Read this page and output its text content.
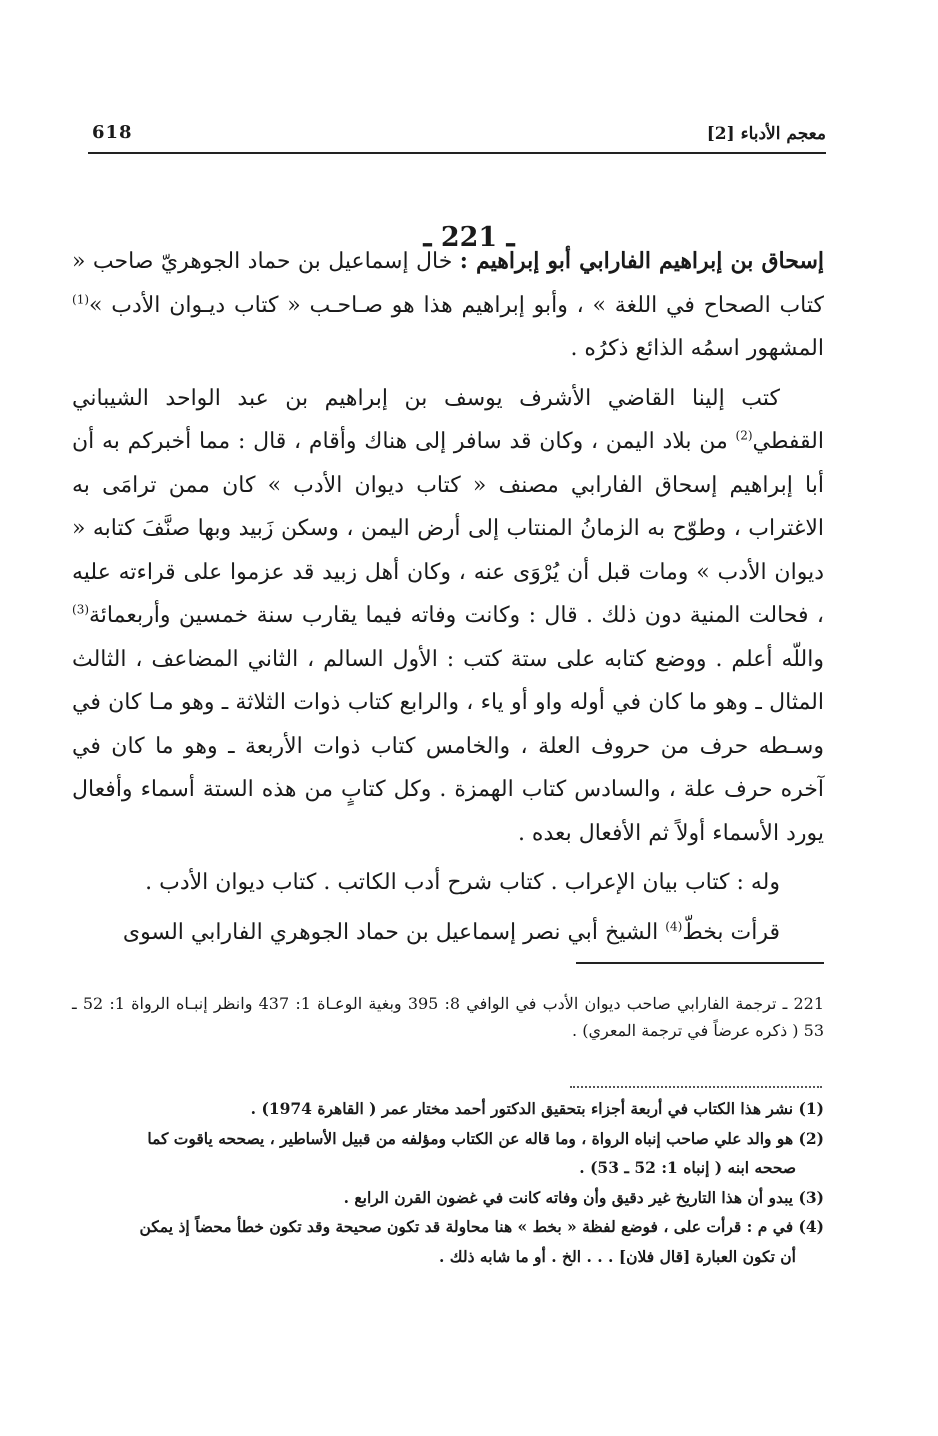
معجم الأدباء [2]
618
ـ 221 ـ

إسحاق بن إبراهيم الفارابي أبو إبراهيم : خال إسماعيل بن حماد الجوهريّ صاحب « كتاب الصحاح في اللغة » ، وأبو إبراهيم هذا هو صـاحـب « كتاب ديـوان الأدب »$^{(1)}$ المشهور اسمُه الذائع ذكرُه .

كتب إلينا القاضي الأشرف يوسف بن إبراهيم بن عبد الواحد الشيباني القفطي$^{(2)}$ من بلاد اليمن ، وكان قد سافر إلى هناك وأقام ، قال : مما أخبركم به أن أبا إبراهيم إسحاق الفارابي مصنف « كتاب ديوان الأدب » كان ممن ترامَى به الاغتراب ، وطوّح به الزمانُ المنتاب إلى أرض اليمن ، وسكن زَبيد وبها صنَّفَ كتابه « ديوان الأدب » ومات قبل أن يُرْوَى عنه ، وكان أهل زبيد قد عزموا على قراءته عليه ، فحالت المنية دون ذلك . قال : وكانت وفاته فيما يقارب سنة خمسين وأربعمائة$^{(3)}$ واللّه أعلم . ووضع كتابه على ستة كتب : الأول السالم ، الثاني المضاعف ، الثالث المثال ـ وهو ما كان في أوله واو أو ياء ، والرابع كتاب ذوات الثلاثة ـ وهو مـا كان في وسـطه حرف من حروف العلة ، والخامس كتاب ذوات الأربعة ـ وهو ما كان في آخره حرف علة ، والسادس كتاب الهمزة . وكل كتابٍ من هذه الستة أسماء وأفعال يورد الأسماء أولاً ثم الأفعال بعده .

وله : كتاب بيان الإعراب . كتاب شرح أدب الكاتب . كتاب ديوان الأدب .

قرأت بخطّ$^{(4)}$ الشيخ أبي نصر إسماعيل بن حماد الجوهري الفارابي السوى

221 ـ ترجمة الفارابي صاحب ديوان الأدب في الوافي 8: 395 وبغية الوعـاة 1: 437 وانظر إنبـاه الرواة 1: 52 ـ 53 ( ذكره عرضاً في ترجمة المعري) .

(1) نشر هذا الكتاب في أربعة أجزاء بتحقيق الدكتور أحمد مختار عمر ( القاهرة 1974) .

(2) هو والد علي صاحب إنباه الرواة ، وما قاله عن الكتاب ومؤلفه من قبيل الأساطير ، يصححه ياقوت كما

صححه ابنه ( إنباه 1: 52 ـ 53) .

(3) يبدو أن هذا التاريخ غير دقيق وأن وفاته كانت في غضون القرن الرابع .

(4) في م : قرأت على ، فوضع لفظة « بخط » هنا محاولة قد تكون صحيحة وقد تكون خطأ محضاً إذ يمكن

أن تكون العبارة [قال فلان] . . . الخ . أو ما شابه ذلك .
